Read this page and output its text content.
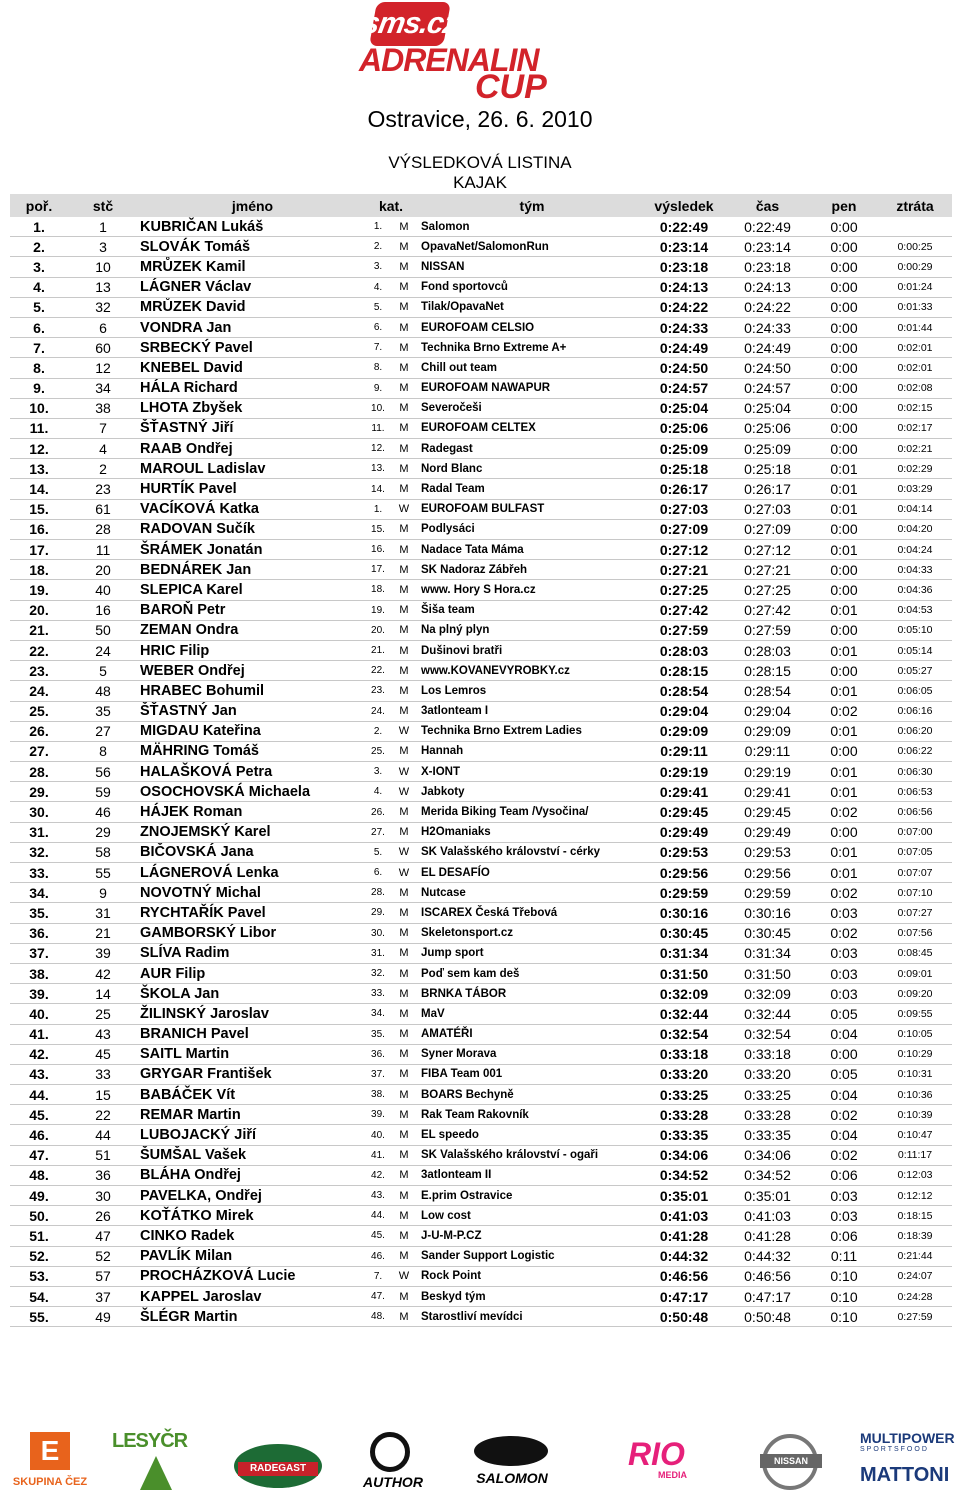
sms.cz
ADRENALIN
CUP
Ostravice, 26. 6. 2010
VÝSLEDKOVÁ LISTINA
KAJAK
poř.	stč	jméno	kat.		tým	výsledek	čas	pen	ztráta
1.	1	KUBRIČAN Lukáš	1.	M	Salomon	0:22:49	0:22:49	0:00	
2.	3	SLOVÁK Tomáš	2.	M	OpavaNet/SalomonRun	0:23:14	0:23:14	0:00	0:00:25
3.	10	MRŮZEK Kamil	3.	M	NISSAN	0:23:18	0:23:18	0:00	0:00:29
4.	13	LÁGNER Václav	4.	M	Fond sportovců	0:24:13	0:24:13	0:00	0:01:24
5.	32	MRŮZEK David	5.	M	Tilak/OpavaNet	0:24:22	0:24:22	0:00	0:01:33
6.	6	VONDRA Jan	6.	M	EUROFOAM CELSIO	0:24:33	0:24:33	0:00	0:01:44
7.	60	SRBECKÝ Pavel	7.	M	Technika Brno Extreme A+	0:24:49	0:24:49	0:00	0:02:01
8.	12	KNEBEL David	8.	M	Chill out team	0:24:50	0:24:50	0:00	0:02:01
9.	34	HÁLA Richard	9.	M	EUROFOAM NAWAPUR	0:24:57	0:24:57	0:00	0:02:08
10.	38	LHOTA Zbyšek	10.	M	Severočeši	0:25:04	0:25:04	0:00	0:02:15
11.	7	ŠŤASTNÝ Jiří	11.	M	EUROFOAM CELTEX	0:25:06	0:25:06	0:00	0:02:17
12.	4	RAAB Ondřej	12.	M	Radegast	0:25:09	0:25:09	0:00	0:02:21
13.	2	MAROUL Ladislav	13.	M	Nord Blanc	0:25:18	0:25:18	0:01	0:02:29
14.	23	HURTÍK Pavel	14.	M	Radal Team	0:26:17	0:26:17	0:01	0:03:29
15.	61	VACÍKOVÁ Katka	1.	W	EUROFOAM BULFAST	0:27:03	0:27:03	0:01	0:04:14
16.	28	RADOVAN Sučík	15.	M	Podlysáci	0:27:09	0:27:09	0:00	0:04:20
17.	11	ŠRÁMEK Jonatán	16.	M	Nadace Tata Máma	0:27:12	0:27:12	0:01	0:04:24
18.	20	BEDNÁREK Jan	17.	M	SK Nadoraz Zábřeh	0:27:21	0:27:21	0:00	0:04:33
19.	40	SLEPICA Karel	18.	M	www. Hory S Hora.cz	0:27:25	0:27:25	0:00	0:04:36
20.	16	BAROŇ Petr	19.	M	Šiša team	0:27:42	0:27:42	0:01	0:04:53
21.	50	ZEMAN Ondra	20.	M	Na plný plyn	0:27:59	0:27:59	0:00	0:05:10
22.	24	HRIC Filip	21.	M	Dušinovi bratři	0:28:03	0:28:03	0:01	0:05:14
23.	5	WEBER Ondřej	22.	M	www.KOVANEVYROBKY.cz	0:28:15	0:28:15	0:00	0:05:27
24.	48	HRABEC Bohumil	23.	M	Los Lemros	0:28:54	0:28:54	0:01	0:06:05
25.	35	ŠŤASTNÝ Jan	24.	M	3atlonteam I	0:29:04	0:29:04	0:02	0:06:16
26.	27	MIGDAU Kateřina	2.	W	Technika Brno Extrem Ladies	0:29:09	0:29:09	0:01	0:06:20
27.	8	MÄHRING Tomáš	25.	M	Hannah	0:29:11	0:29:11	0:00	0:06:22
28.	56	HALAŠKOVÁ Petra	3.	W	X-IONT	0:29:19	0:29:19	0:01	0:06:30
29.	59	OSOCHOVSKÁ Michaela	4.	W	Jabkoty	0:29:41	0:29:41	0:01	0:06:53
30.	46	HÁJEK Roman	26.	M	Merida Biking Team /Vysočina/	0:29:45	0:29:45	0:02	0:06:56
31.	29	ZNOJEMSKÝ Karel	27.	M	H2Omaniaks	0:29:49	0:29:49	0:00	0:07:00
32.	58	BIČOVSKÁ Jana	5.	W	SK Valašského království - cérky	0:29:53	0:29:53	0:01	0:07:05
33.	55	LÁGNEROVÁ Lenka	6.	W	EL DESAFÍO	0:29:56	0:29:56	0:01	0:07:07
34.	9	NOVOTNÝ Michal	28.	M	Nutcase	0:29:59	0:29:59	0:02	0:07:10
35.	31	RYCHTAŘÍK Pavel	29.	M	ISCAREX Česká Třebová	0:30:16	0:30:16	0:03	0:07:27
36.	21	GAMBORSKÝ Libor	30.	M	Skeletonsport.cz	0:30:45	0:30:45	0:02	0:07:56
37.	39	SLÍVA Radim	31.	M	Jump sport	0:31:34	0:31:34	0:03	0:08:45
38.	42	AUR Filip	32.	M	Poď sem kam deš	0:31:50	0:31:50	0:03	0:09:01
39.	14	ŠKOLA Jan	33.	M	BRNKA TÁBOR	0:32:09	0:32:09	0:03	0:09:20
40.	25	ŽILINSKÝ Jaroslav	34.	M	MaV	0:32:44	0:32:44	0:05	0:09:55
41.	43	BRANICH Pavel	35.	M	AMATÉŘI	0:32:54	0:32:54	0:04	0:10:05
42.	45	SAITL Martin	36.	M	Syner Morava	0:33:18	0:33:18	0:00	0:10:29
43.	33	GRYGAR František	37.	M	FIBA Team 001	0:33:20	0:33:20	0:05	0:10:31
44.	15	BABÁČEK Vít	38.	M	BOARS Bechyně	0:33:25	0:33:25	0:04	0:10:36
45.	22	REMAR Martin	39.	M	Rak Team Rakovník	0:33:28	0:33:28	0:02	0:10:39
46.	44	LUBOJACKÝ Jiří	40.	M	EL speedo	0:33:35	0:33:35	0:04	0:10:47
47.	51	ŠUMŠAL Vašek	41.	M	SK Valašského království - ogaři	0:34:06	0:34:06	0:02	0:11:17
48.	36	BLÁHA Ondřej	42.	M	3atlonteam II	0:34:52	0:34:52	0:06	0:12:03
49.	30	PAVELKA, Ondřej	43.	M	E.prim Ostravice	0:35:01	0:35:01	0:03	0:12:12
50.	26	KOŤÁTKO Mirek	44.	M	Low cost	0:41:03	0:41:03	0:03	0:18:15
51.	47	CINKO Radek	45.	M	J-U-M-P.CZ	0:41:28	0:41:28	0:06	0:18:39
52.	52	PAVLÍK Milan	46.	M	Sander Support Logistic	0:44:32	0:44:32	0:11	0:21:44
53.	57	PROCHÁZKOVÁ Lucie	7.	W	Rock Point	0:46:56	0:46:56	0:10	0:24:07
54.	37	KAPPEL Jaroslav	47.	M	Beskyd tým	0:47:17	0:47:17	0:10	0:24:28
55.	49	ŠLÉGR Martin	48.	M	Starostliví mevídci	0:50:48	0:50:48	0:10	0:27:59
E
SKUPINA ČEZ
LESYČR
RADEGAST
AUTHOR	SALOMON
RIO
MEDIA
NISSAN
MULTIPOWER
SPORTSFOOD
MATTONI
